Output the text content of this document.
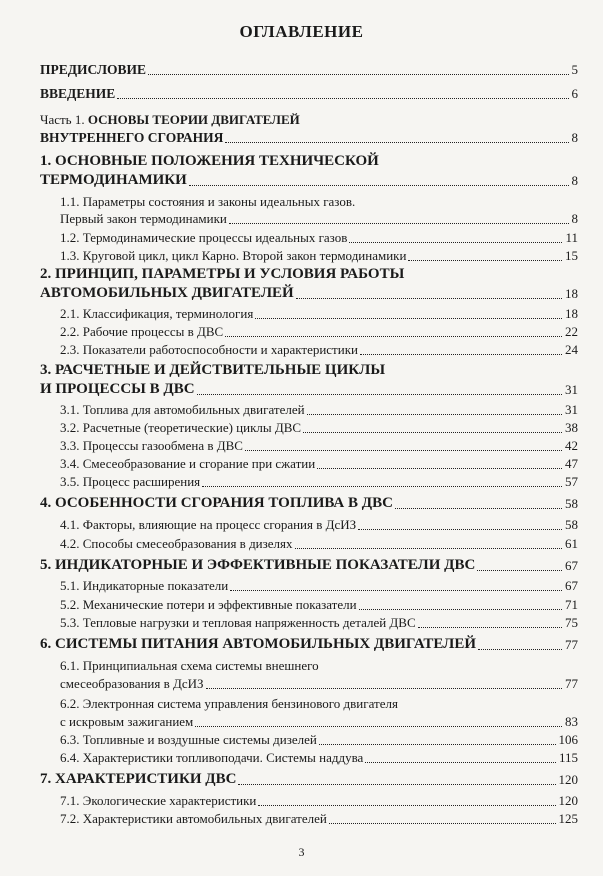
ОГЛАВЛЕНИЕ
ПРЕДИСЛОВИЕ	5
ВВЕДЕНИЕ	6
Часть 1. ОСНОВЫ ТЕОРИИ ДВИГАТЕЛЕЙ
ВНУТРЕННЕГО СГОРАНИЯ	8
1. ОСНОВНЫЕ ПОЛОЖЕНИЯ ТЕХНИЧЕСКОЙ
ТЕРМОДИНАМИКИ	8
1.1. Параметры состояния и законы идеальных газов.
Первый закон термодинамики	8
1.2. Термодинамические процессы идеальных газов	11
1.3. Круговой цикл, цикл Карно. Второй закон термодинамики	15
2. ПРИНЦИП, ПАРАМЕТРЫ И УСЛОВИЯ РАБОТЫ
АВТОМОБИЛЬНЫХ ДВИГАТЕЛЕЙ	18
2.1. Классификация, терминология	18
2.2. Рабочие процессы в ДВС	22
2.3. Показатели работоспособности и характеристики	24
3. РАСЧЕТНЫЕ И ДЕЙСТВИТЕЛЬНЫЕ ЦИКЛЫ
И ПРОЦЕССЫ В ДВС	31
3.1. Топлива для автомобильных двигателей	31
3.2. Расчетные (теоретические) циклы ДВС	38
3.3. Процессы газообмена в ДВС	42
3.4. Смесеобразование и сгорание при сжатии	47
3.5. Процесс расширения	57
4. ОСОБЕННОСТИ СГОРАНИЯ ТОПЛИВА В ДВС	58
4.1. Факторы, влияющие на процесс сгорания в ДсИЗ	58
4.2. Способы смесеобразования в дизелях	61
5. ИНДИКАТОРНЫЕ И ЭФФЕКТИВНЫЕ ПОКАЗАТЕЛИ ДВС	67
5.1. Индикаторные показатели	67
5.2. Механические потери и эффективные показатели	71
5.3. Тепловые нагрузки и тепловая напряженность деталей ДВС	75
6. СИСТЕМЫ ПИТАНИЯ АВТОМОБИЛЬНЫХ ДВИГАТЕЛЕЙ	77
6.1. Принципиальная схема системы внешнего
смесеобразования в ДсИЗ	77
6.2. Электронная система управления бензинового двигателя
с искровым зажиганием	83
6.3. Топливные и воздушные системы дизелей	106
6.4. Характеристики топливоподачи. Системы наддува	115
7. ХАРАКТЕРИСТИКИ ДВС	120
7.1. Экологические характеристики	120
7.2. Характеристики автомобильных двигателей	125
3
